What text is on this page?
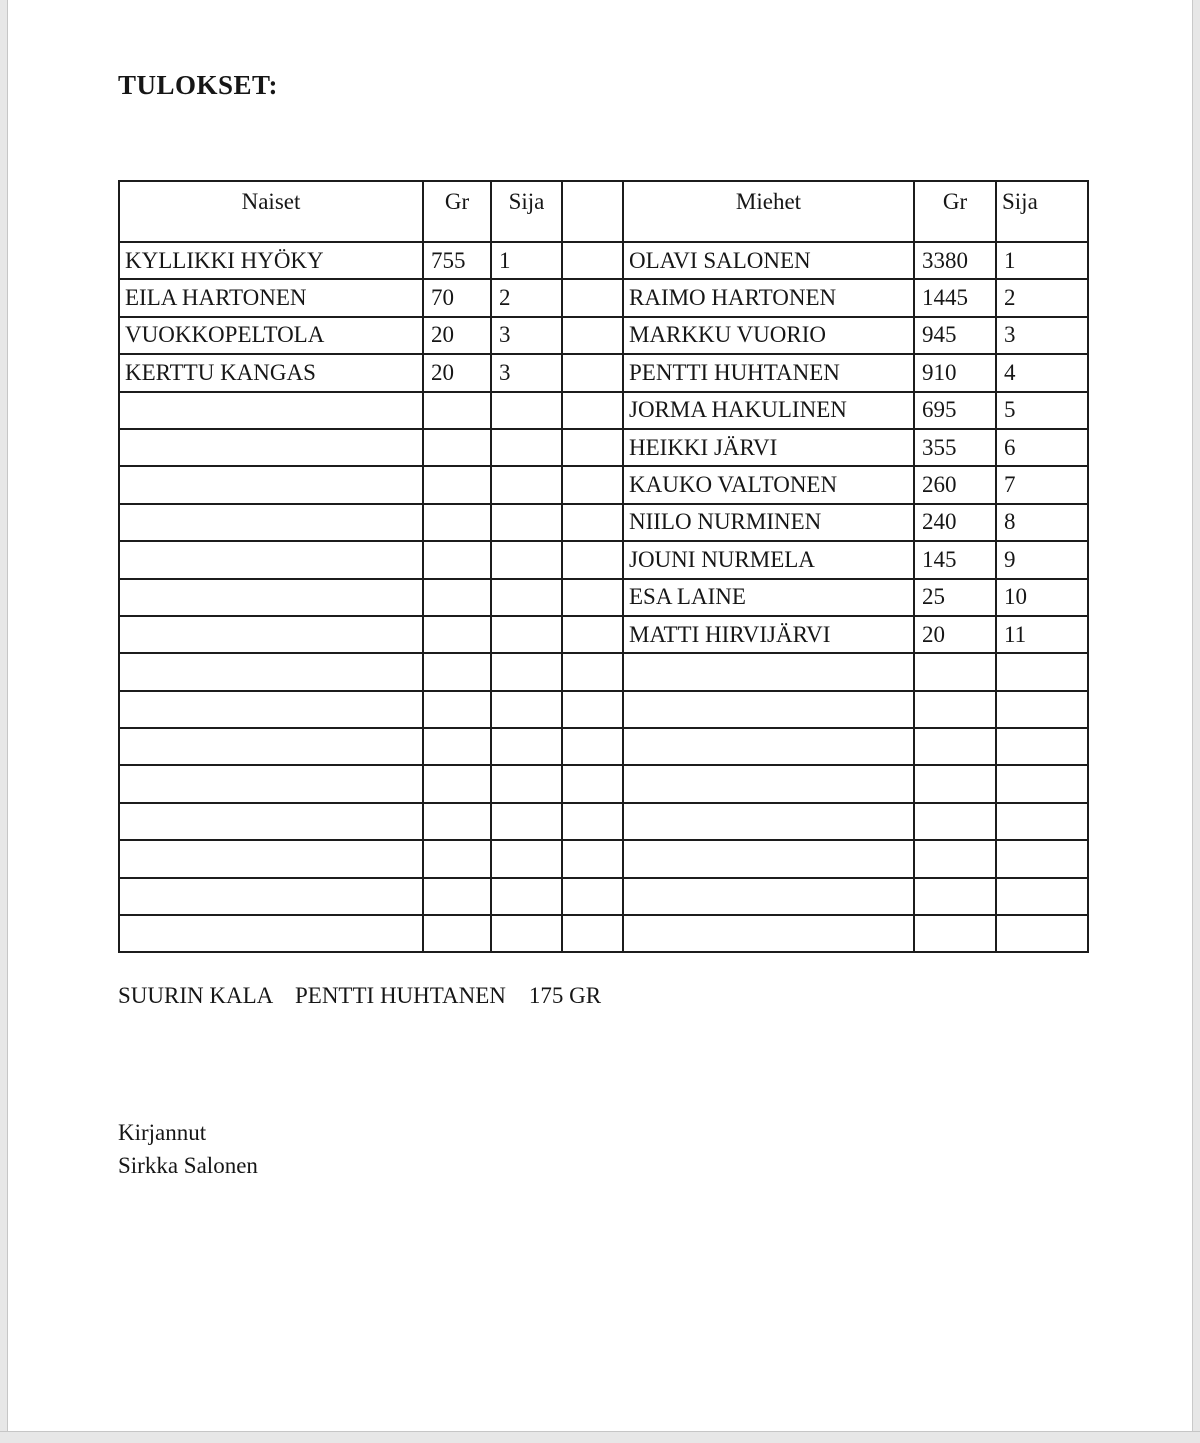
TULOKSET:
Naiset	Gr	Sija		Miehet	Gr	Sija
KYLLIKKI HYÖKY	755	1		OLAVI SALONEN	3380	1
EILA HARTONEN	70	2		RAIMO HARTONEN	1445	2
VUOKKOPELTOLA	20	3		MARKKU VUORIO	945	3
KERTTU KANGAS	20	3		PENTTI HUHTANEN	910	4
				JORMA HAKULINEN	695	5
				HEIKKI JÄRVI	355	6
				KAUKO VALTONEN	260	7
				NIILO NURMINEN	240	8
				JOUNI NURMELA	145	9
				ESA LAINE	25	10
				MATTI HIRVIJÄRVI	20	11

SUURIN KALA    PENTTI HUHTANEN    175 GR
Kirjannut
Sirkka Salonen
